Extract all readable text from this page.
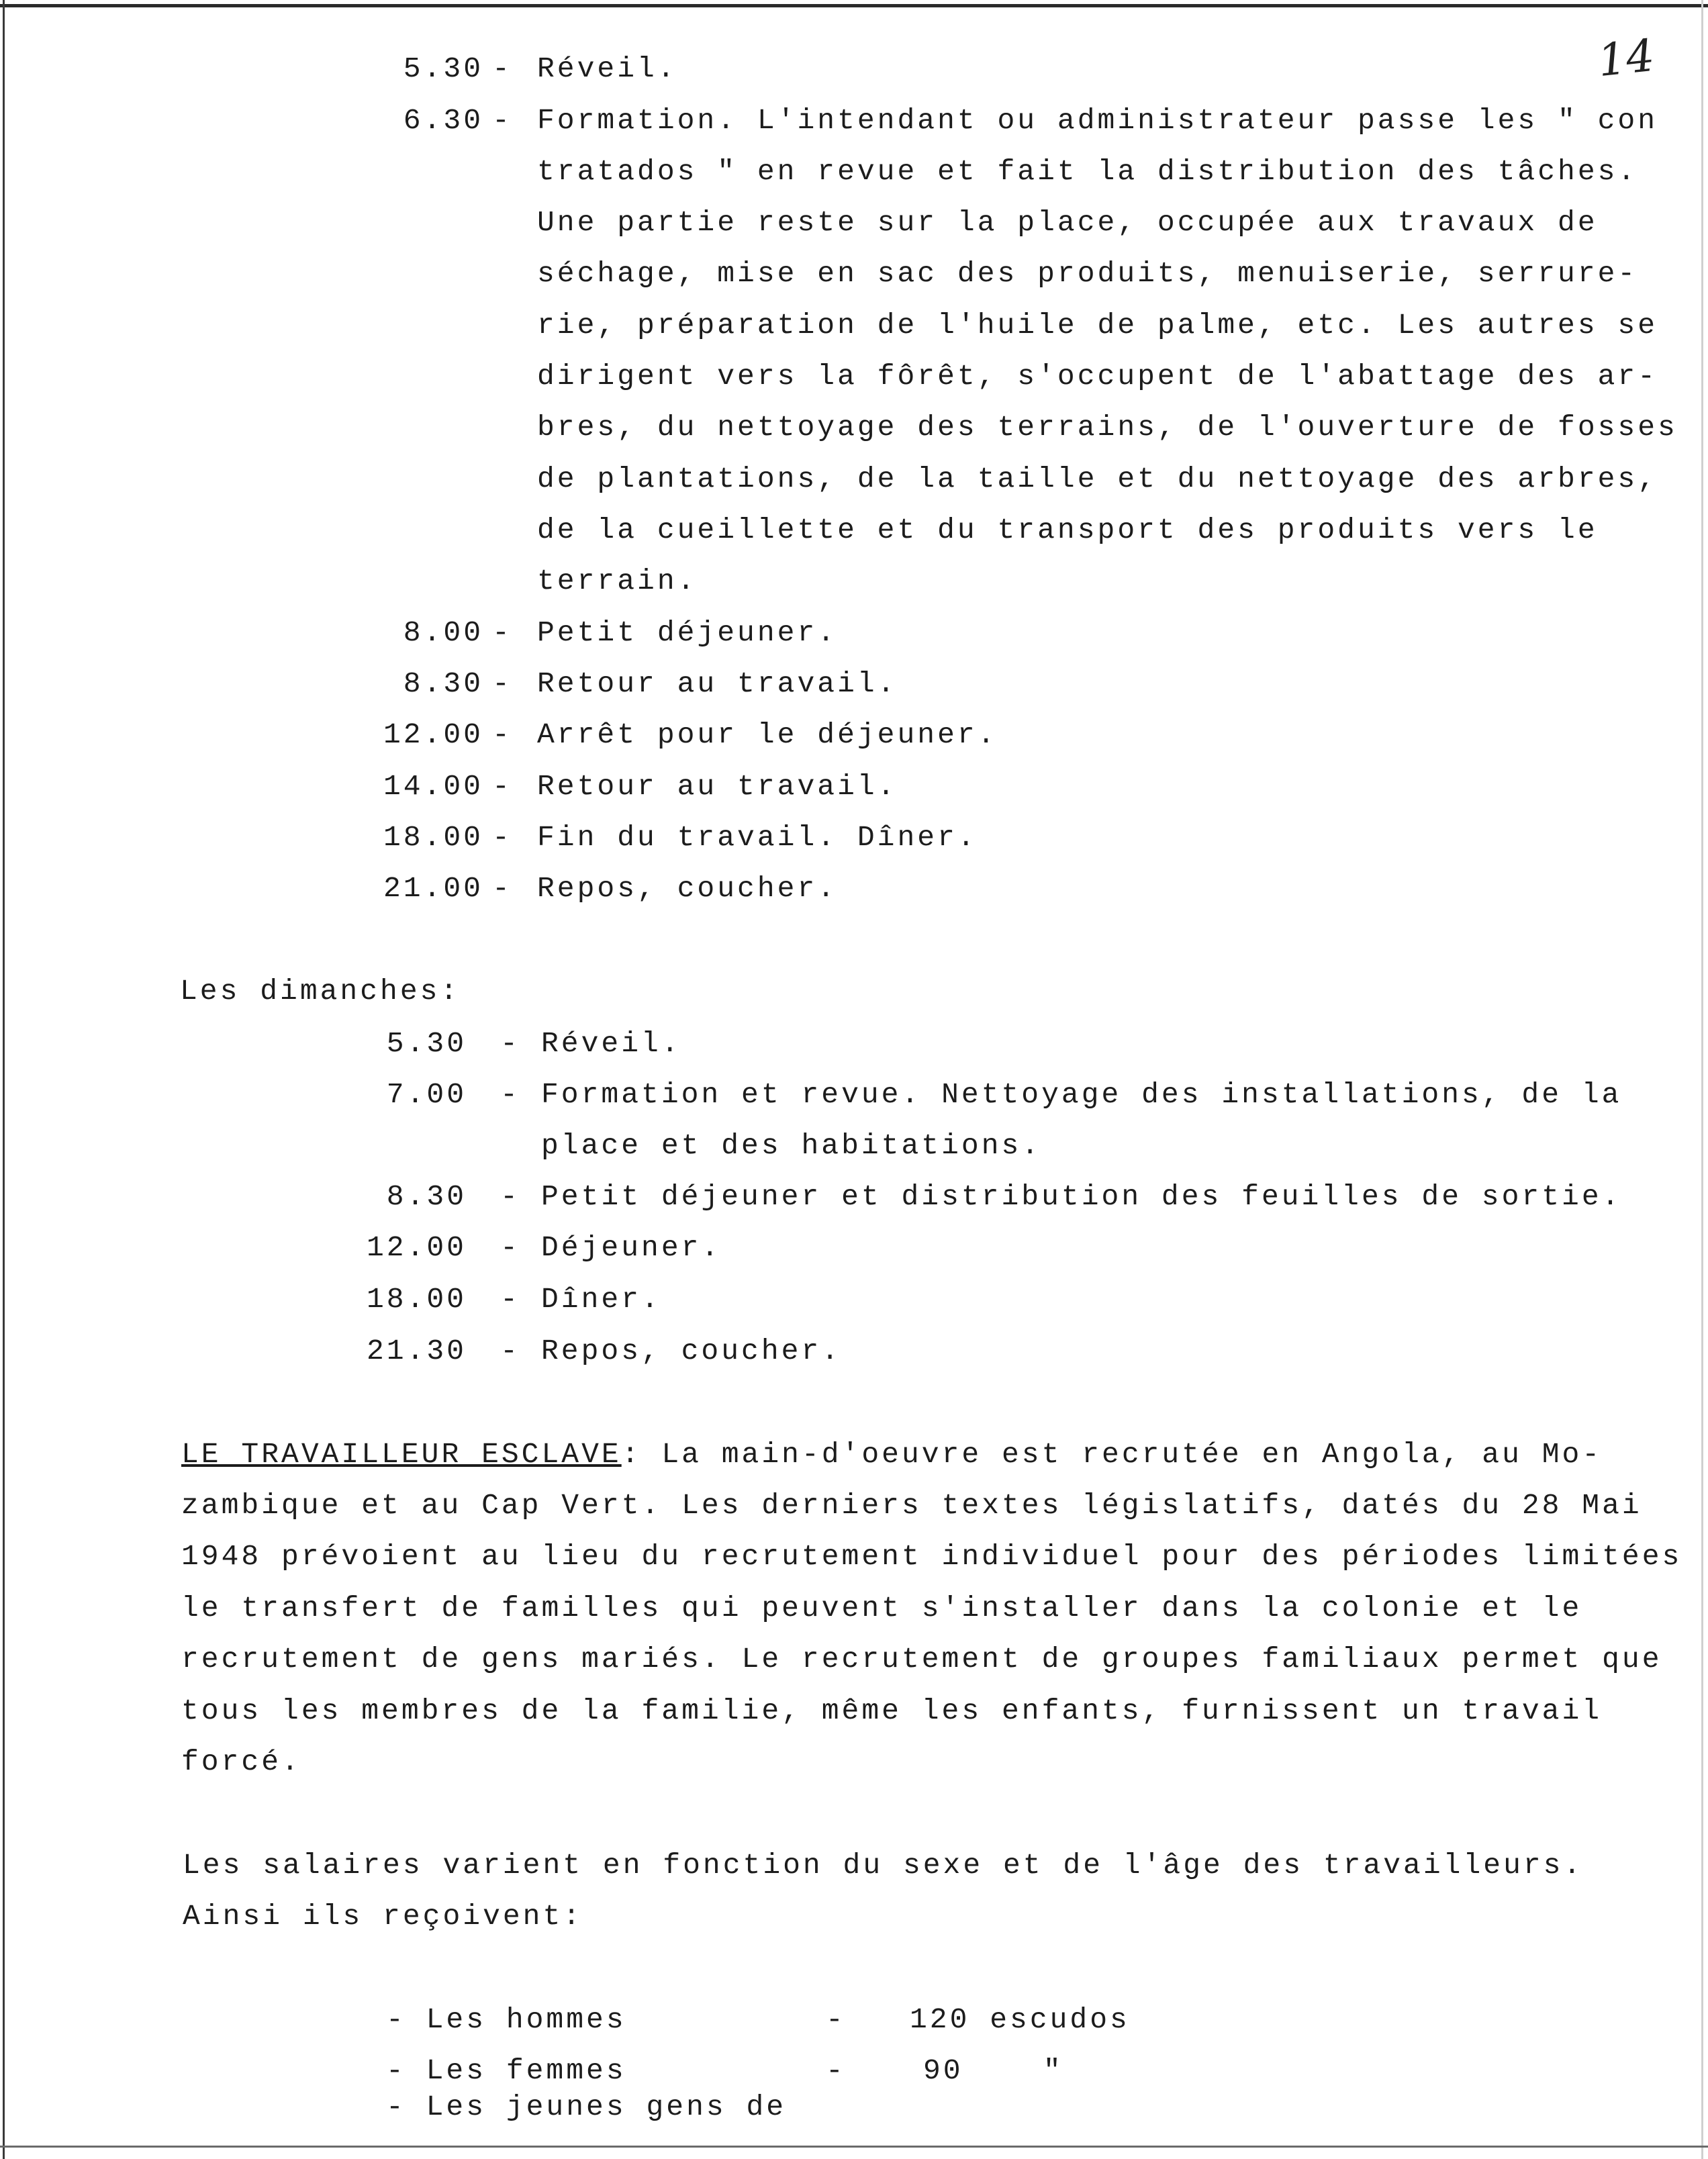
14
5.30 - Réveil.
6.30 - Formation. L'intendant ou administrateur passe les " con
tratados " en revue et fait la distribution des tâches.
Une partie reste sur la place, occupée aux travaux de
séchage, mise en sac des produits, menuiserie, serrure-
rie, préparation de l'huile de palme, etc. Les autres se
dirigent vers la fôrêt, s'occupent de l'abattage des ar-
bres, du nettoyage des terrains, de l'ouverture de fosses
de plantations, de la taille et du nettoyage des arbres,
de la cueillette et du transport des produits vers le
terrain.
8.00 - Petit déjeuner.
8.30 - Retour au travail.
12.00 - Arrêt pour le déjeuner.
14.00 - Retour au travail.
18.00 - Fin du travail. Dîner.
21.00 - Repos, coucher.
Les dimanches:
5.30 - Réveil.
7.00 - Formation et revue. Nettoyage des installations, de la
place et des habitations.
8.30 - Petit déjeuner et distribution des feuilles de sortie.
12.00 - Déjeuner.
18.00 - Dîner.
21.30 - Repos, coucher.
LE TRAVAILLEUR ESCLAVE: La main-d'oeuvre est recrutée en Angola, au Mo-
zambique et au Cap Vert. Les derniers textes législatifs, datés du 28 Mai
1948 prévoient au lieu du recrutement individuel pour des périodes limitées
le transfert de familles qui peuvent s'installer dans la colonie et le
recrutement de gens mariés. Le recrutement de groupes familiaux permet que
tous les membres de la familie, même les enfants, furnissent un travail
forcé.
Les salaires varient en fonction du sexe et de l'âge des travailleurs.
Ainsi ils reçoivent:
- Les hommes	- 120 escudos
- Les femmes	-	90    "
- Les jeunes gens de
